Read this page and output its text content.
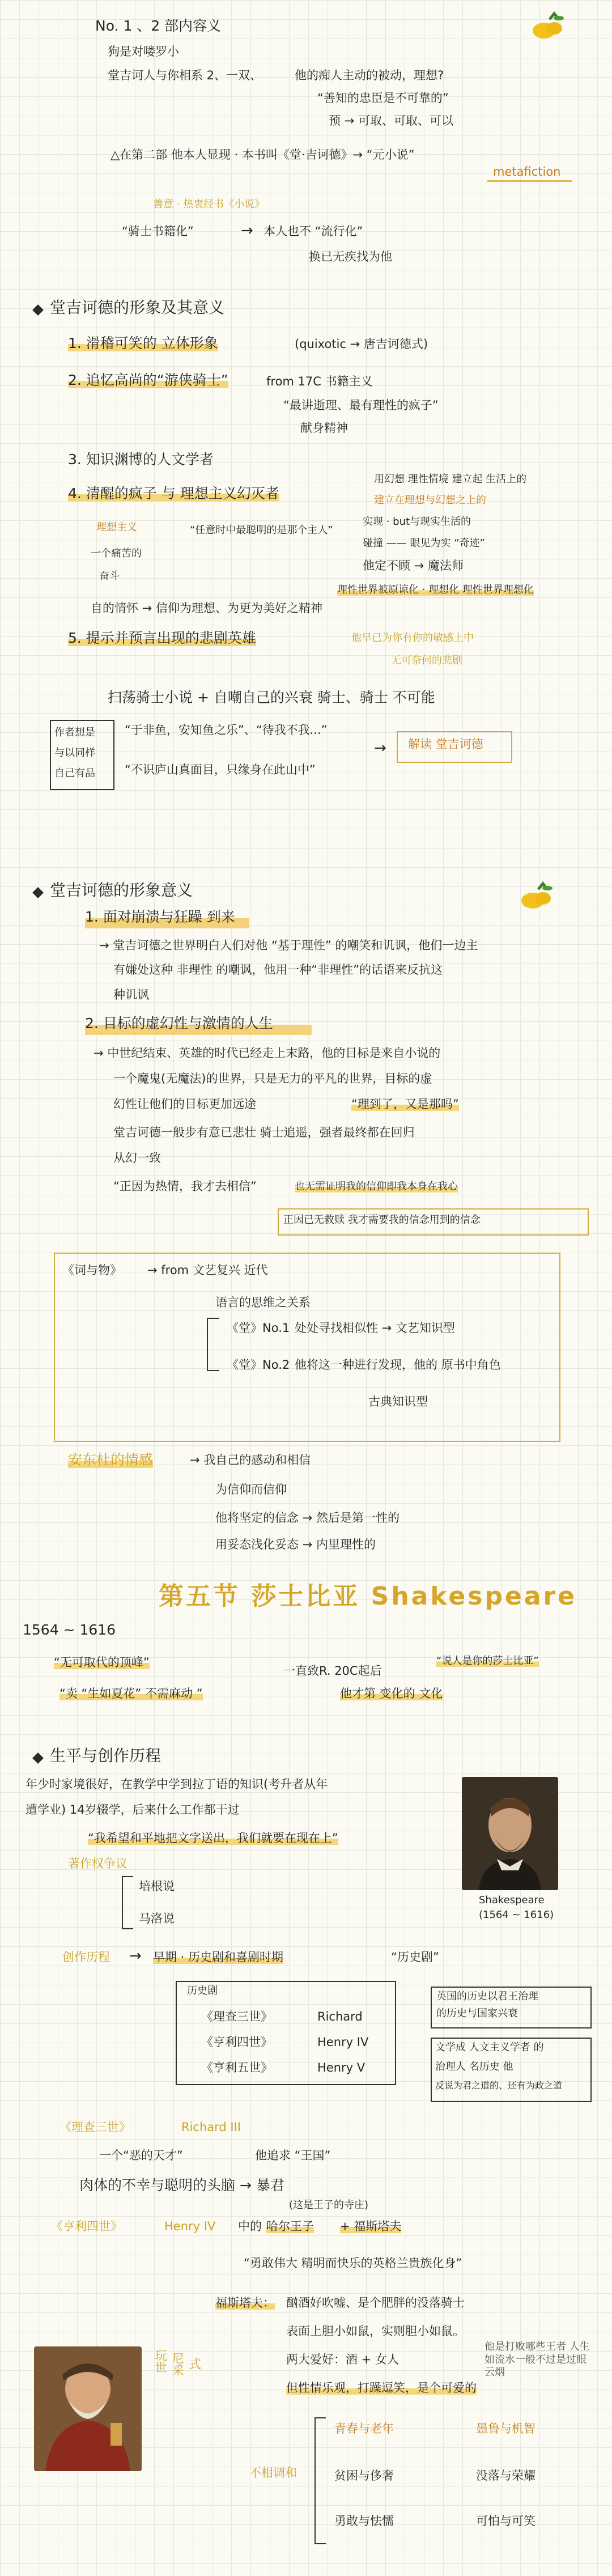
No. 1 、2 部内容义
狗是对喽罗小
堂吉诃人与你相系 2、一双、	他的痴人主动的被动，理想?
“善知的忠臣是不可靠的”
预 → 可取、可取、可以
△在第二部 他本人显现 · 本书叫《堂·吉诃德》→ “元小说”
metafiction
善意 · 热衷经书《小说》
“骑士书籍化”	→ 本人也不 “流行化”
换已无疾找为他
堂吉诃德的形象及其意义
1. 滑稽可笑的 立体形象	(quixotic → 唐吉诃德式)
2. 追忆高尚的“游侠骑士”	from 17C 书籍主义
“最讲逝理、最有理性的疯子”
献身精神
3. 知识渊博的人文学者
4. 清醒的疯子 与 理想主义幻灭者
用幻想 理性情境 建立起 生活上的
建立在理想与幻想之上的
实现 · but与现实生活的
碰撞 —— 眼见为实 “奇迹”
他定不顾 → 魔法师
理性世界被原谅化 · 理想化 理性世界理想化
理想主义
一个痛苦的
奋斗
“任意时中最聪明的是那个主人”
自的情怀 → 信仰为理想、为更为美好之精神
5. 提示并预言出现的悲剧英雄	他早已为你有你的敏感上中
无可奈何的悲剧
扫荡骑士小说 + 自嘲自己的兴衰 骑士、骑士 不可能
作者想是
与以同样
自己有品
“于非鱼，安知鱼之乐”、“待我不我...”
“不识庐山真面目，只缘身在此山中”
→ 解读 堂吉诃德
堂吉诃德的形象意义
1. 面对崩溃与狂躁 到来
→ 堂吉诃德之世界明白人们对他 “基于理性” 的嘲笑和讥讽，他们一边主
有嫌处这种 非理性 的嘲讽，他用一种“非理性”的话语来反抗这
种讥讽
2. 目标的虚幻性与激情的人生
→ 中世纪结束、英雄的时代已经走上末路，他的目标是来自小说的
一个魔鬼(无魔法)的世界，只是无力的平凡的世界，目标的虚
幻性让他们的目标更加远途	“理到了，又是那吗”
堂吉诃德一般步有意已悲壮 骑士追遥，强者最终都在回归
从幻一致
“正因为热情，我才去相信”	也无需证明我的信仰即我本身在我心
正因已无救赎 我才需要我的信念用到的信念
《词与物》 → from 文艺复兴 近代
语言的思维之关系
《堂》No.1 处处寻找相似性 → 文艺知识型
《堂》No.2 他将这一种进行发现，他的 原书中角色
古典知识型
安东杜的情感	→ 我自己的感动和相信
为信仰而信仰
他将坚定的信念 → 然后是第一性的
用妥态浅化妥态 → 内里理性的
第五节 莎士比亚 Shakespeare
1564 ~ 1616
“无可取代的顶峰”
“卖 “生如夏花” 不需麻动 ”
一直致R. 20C起后
他才第 变化的 文化
“说人是你的莎士比亚”
生平与创作历程
年少时家境很好，在教学中学到拉丁语的知识(考升者从年
遭学业) 14岁辍学，后来什么工作都干过
“我希望和平地把文字送出，我们就要在现在上”
著作权争议
培根说
马洛说
Shakespeare
(1564 ~ 1616)
创作历程 → 早期 · 历史剧和喜剧时期	“历史剧”
历史剧
《理查三世》	Richard
《亨利四世》	Henry IV
《亨利五世》	Henry V
英国的历史以君王治理
的历史与国家兴衰
文学成 人文主义学者 的
治理人 名历史 他
反说为君之道的、还有为政之道
《理查三世》	Richard III
一个“恶的天才”	他追求 “王国”
肉体的不幸与聪明的头脑 → 暴君
(这是王子的寺庄)
《亨利四世》	Henry IV 中的 哈尔王子 + 福斯塔夫
“勇敢伟大 精明而快乐的英格兰贵族化身”
福斯塔夫： 酗酒好吹嘘、是个肥胖的没落骑士
表面上胆小如鼠，实则胆小如鼠。
两大爱好：酒 + 女人
但性情乐观，打躁逗笑，是个可爱的
玩世 尼采 式
他是打败哪些王者 人生 如流水一般不过是过眼云烟
不相调和
青春与老年	愚鲁与机智
贫困与侈奢	没落与荣耀
勇敢与怯懦	可怕与可笑
